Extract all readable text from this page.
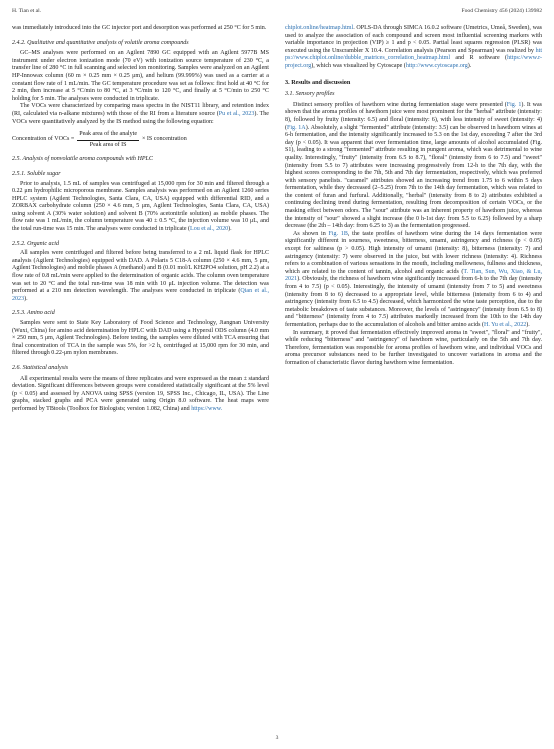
H. Tian et al.	Food Chemistry 456 (2024) 139982

was immediately introduced into the GC injector port and desorption was performed at 250 °C for 5 min.

2.4.2. Qualitative and quantitative analysis of volatile aroma compounds

GC–MS analyses were performed on an Agilent 7890 GC equipped with an Agilent 5977B MS instrument under electron ionization mode (70 eV) with ionization source temperature of 230 °C, a transfer line of 280 °C in full scanning and selected ion monitoring. Samples were analyzed on an Agilent HP-Innowax column (60 m × 0.25 mm × 0.25 μm), and helium (99.999%) was used as a carrier at a constant flow rate of 1 mL/min. The GC temperature procedure was set as follows: first hold at 40 °C for 2 min, then increase at 5 °C/min to 80 °C, at 3 °C/min to 120 °C, and finally at 5 °C/min to 250 °C holding for 5 min. The analyses were conducted in triplicate.

The VOCs were characterized by comparing mass spectra in the NIST11 library, and retention index (RI, calculated via n-alkane mixtures) with those of the RI from a literature source (Pu et al., 2023). The VOCs were quantitatively analyzed by the IS method using the following equation:

Concentration of VOCs = $\frac{\text{Peak area of the analyte}}{\text{Peak area of IS}}$ × IS concentration
2.5. Analysis of nonvolatile aroma compounds with HPLC
2.5.1. Soluble sugar

Prior to analysis, 1.5 mL of samples was centrifuged at 15,000 rpm for 30 min and filtered through a 0.22 μm hydrophilic microporous membrane. Samples analysis was performed on an Agilent 1260 series HPLC system (Agilent Technologies, Santa Clara, CA, USA) equipped with differential RID, and a ZORBAX carbohydrate column (250 × 4.6 mm, 5 μm, Agilent Technologies, Santa Clara, CA, USA) using solvent A (30% water solution) and solvent B (70% acetonitrile solution) as mobile phases. The flow rate was 1 mL/min, the column temperature was 40 ± 0.5 °C, the injection volume was 10 μL, and the total run-time was 15 min. The analyses were conducted in triplicate (Lou et al., 2020).

2.5.2. Organic acid

All samples were centrifuged and filtered before being transferred to a 2 mL liquid flask for HPLC analysis (Agilent Technologies) equipped with DAD. A Polaris 5 C18-A column (250 × 4.6 mm, 5 μm, Agilent Technologies) and mobile phases A (methanol) and B (0.01 mol/L KH2PO4 solution, pH 2.2) at a flow rate of 0.8 mL/min were applied to the determination of organic acids. The column oven temperature was set to 20 °C and the total run-time was 18 min with 10 μL injection volume. The detection was performed at a 210 nm detection wavelength. The analyses were conducted in triplicate (Qian et al., 2023).

2.5.3. Amino acid

Samples were sent to State Key Laboratory of Food Science and Technology, Jiangnan University (Wuxi, China) for amino acid determination by HPLC with DAD using a Hypersil ODS column (4.0 mm × 250 mm, 5 μm, Agilent Technologies). Before testing, the samples were diluted with TCA ensuring that final concentration of TCA in the sample was 5%, for >2 h, centrifuged at 15,000 rpm for 30 min, and filtered through 0.22-μm nylon membranes.

2.6. Statistical analysis

All experimental results were the means of three replicates and were expressed as the mean ± standard deviation. Significant differences between groups were considered statistically significant at the 5% level (p < 0.05) and assessed by ANOVA using SPSS (version 19, SPSS Inc., Chicago, IL, USA). The Line graphs, stacked graphs and PCA were generated using Origin 8.0 software. The heat maps were performed by TBtools (Toolbox for Biologists; version 1.082, China) and https://www.

chiplot.online/heatmap.html. OPLS-DA through SIMCA 16.0.2 software (Umetrics, Umeå, Sweden), was used to analyze the association of each compound and screen most influential screening markers with variable importance in projection (VIP) ≥ 1 and p < 0.05. Partial least squares regression (PLSR) was executed using the Unscrambler X 10.4. Correlation analysis (Pearson and Spearman) was realized by https://www.chiplot.online/dubble_matrices_correlation_heatmap.html and R software (https://www.r-project.org), which was visualized by Cytoscape (http://www.cytoscape.org).

3. Results and discussion
3.1. Sensory profiles

Distinct sensory profiles of hawthorn wine during fermentation stage were presented (Fig. 1). It was shown that the aroma profiles of hawthorn juice were most prominent for the "herbal" attribute (intensity: 8), followed by fruity (intensity: 6.5) and floral (intensity: 6), with less intensity of sweet (intensity: 4) (Fig. 1A). Absolutely, a slight "fermented" attribute (intensity: 3.5) can be observed in hawthorn wines at 6-h fermentation, and the intensity significantly increased to 5.3 on the 1st day, exceeding 7 after the 3rd day (p < 0.05). It was apparent that over fermentation time, large amounts of alcohol accumulated (Fig. S1), leading to a strong "fermented" attribute resulting in pungent aroma, which was detrimental to wine quality. Interestingly, "fruity" (intensity from 6.5 to 8.7), "floral" (intensity from 6 to 7.5) and "sweet" (intensity from 5.5 to 7) attributes were increasing progressively from 12-h to the 7th day, with the highest scores corresponding to the 7th, 5th and 7th day fermentation, respectively, which was preferred with sensory panelists. "caramel" attributes showed an increasing trend from 1.75 to 6 within 5 days fermentation, while they decreased (2–5.25) from 7th to the 14th day fermentation, which was related to the content of furan and furfural. Additionally, "herbal" (intensity from 8 to 2) attributes exhibited a continuing declining trend during fermentation, resulting from decomposition of certain VOCs, or the masking effect between odors. The "sour" attribute was an inherent property of hawthorn juice, whereas the intensity of "sour" showed a slight increase (the 0 h-1st day: from 5.5 to 6.25) followed by a sharp decrease (the 2th – 14th day: from 6.25 to 3) as the fermentation progressed.

As shown in Fig. 1B, the taste profiles of hawthorn wine during the 14 days fermentation were significantly different in sourness, sweetness, bitterness, umami, astringency and richness (p < 0.05) except for saltiness (p > 0.05). High intensity of umami (intensity: 8), bitterness (intensity: 7) and astringency (intensity: 7) were observed in the juice, but with lower richness (intensity: 4). Richness refers to a combination of various sensations in the mouth, including mellowness, fullness and thickness, which are related to the content of tannin, alcohol and organic acids (T. Tian, Sun, Wu, Xiao, & Lu, 2021). Obviously, the richness of hawthorn wine significantly increased from 6-h to the 7th day (intensity from 4 to 7.5) (p < 0.05). Interestingly, the intensity of umami (intensity from 7 to 5) and sweetness (intensity from 8 to 6) decreased to a appropriate level, while bitterness (intensity from 6 to 4) and astringency (intensity from 6.5 to 4.5) decreased, which harmonized the wine taste perception, due to the metabolic breakdown of taste substances. Moreover, the levels of "astringency" (intensity from 6.5 to 8) and "bitterness" (intensity from 4 to 7.5) attributes markedly increased from the 10th to the 14th day fermentation, perhaps due to the accumulation of alcohols and bitter amino acids (H. Yu et al., 2022).

In summary, it proved that fermentation effectively improved aroma in "sweet", "floral" and "fruity", while reducing "bitterness" and "astringency" of hawthorn wine, particularly on the 5th and 7th day. Therefore, fermentation was responsible for aroma profiles of hawthorn wine, and individual VOCs and aroma precursor substances need to be further investigated to uncover variations in aroma and the formation of characteristic flavor during hawthorn wine fermentation.

3
